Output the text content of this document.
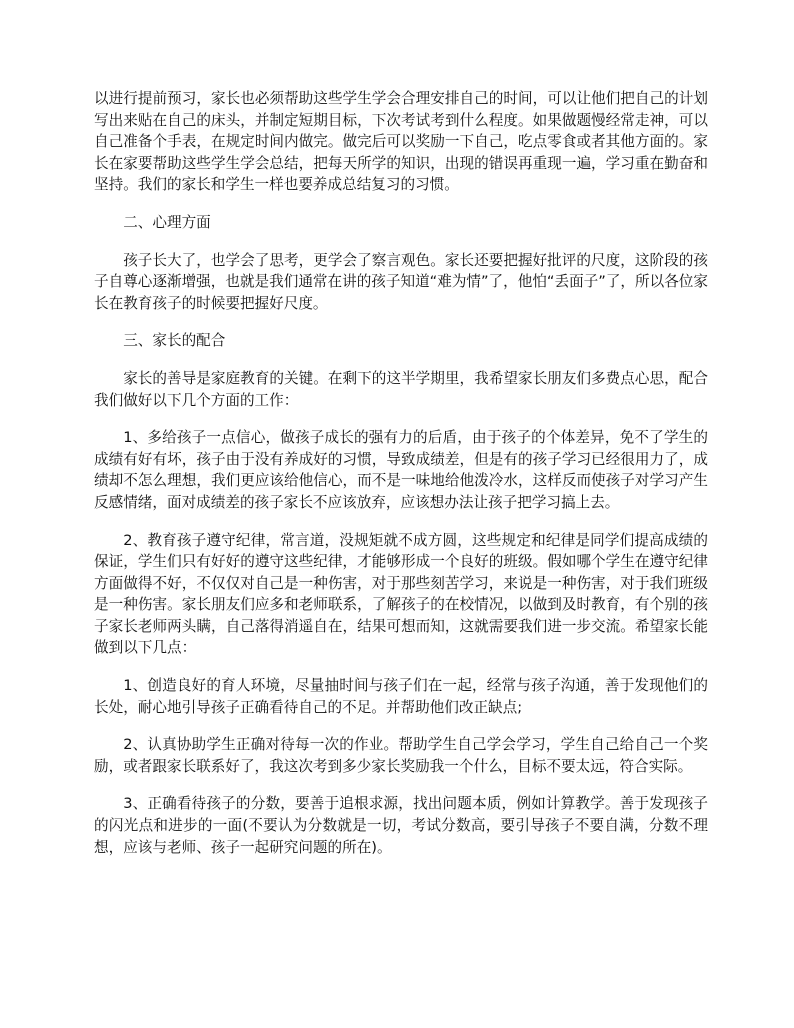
以进行提前预习，家长也必须帮助这些学生学会合理安排自己的时间，可以让他们把自己的计划写出来贴在自己的床头，并制定短期目标，下次考试考到什么程度。如果做题慢经常走神，可以自己准备个手表，在规定时间内做完。做完后可以奖励一下自己，吃点零食或者其他方面的。家长在家要帮助这些学生学会总结，把每天所学的知识，出现的错误再重现一遍，学习重在勤奋和坚持。我们的家长和学生一样也要养成总结复习的习惯。

二、心理方面

孩子长大了，也学会了思考，更学会了察言观色。家长还要把握好批评的尺度，这阶段的孩子自尊心逐渐增强，也就是我们通常在讲的孩子知道“难为情”了，他怕“丢面子”了，所以各位家长在教育孩子的时候要把握好尺度。

三、家长的配合

家长的善导是家庭教育的关键。在剩下的这半学期里，我希望家长朋友们多费点心思，配合我们做好以下几个方面的工作：

1、多给孩子一点信心，做孩子成长的强有力的后盾，由于孩子的个体差异，免不了学生的成绩有好有坏，孩子由于没有养成好的习惯，导致成绩差，但是有的孩子学习已经很用力了，成绩却不怎么理想，我们更应该给他信心，而不是一味地给他泼冷水，这样反而使孩子对学习产生反感情绪，面对成绩差的孩子家长不应该放弃，应该想办法让孩子把学习搞上去。

2、教育孩子遵守纪律，常言道，没规矩就不成方圆，这些规定和纪律是同学们提高成绩的保证，学生们只有好好的遵守这些纪律，才能够形成一个良好的班级。假如哪个学生在遵守纪律方面做得不好，不仅仅对自己是一种伤害，对于那些刻苦学习，来说是一种伤害，对于我们班级是一种伤害。家长朋友们应多和老师联系，了解孩子的在校情况，以做到及时教育，有个别的孩子家长老师两头瞒，自己落得消遥自在，结果可想而知，这就需要我们进一步交流。希望家长能做到以下几点：

1、创造良好的育人环境，尽量抽时间与孩子们在一起，经常与孩子沟通，善于发现他们的长处，耐心地引导孩子正确看待自己的不足。并帮助他们改正缺点;

2、认真协助学生正确对待每一次的作业。帮助学生自己学会学习，学生自己给自己一个奖励，或者跟家长联系好了，我这次考到多少家长奖励我一个什么，目标不要太远，符合实际。

3、正确看待孩子的分数，要善于追根求源，找出问题本质，例如计算教学。善于发现孩子的闪光点和进步的一面(不要认为分数就是一切，考试分数高，要引导孩子不要自满，分数不理想，应该与老师、孩子一起研究问题的所在)。
